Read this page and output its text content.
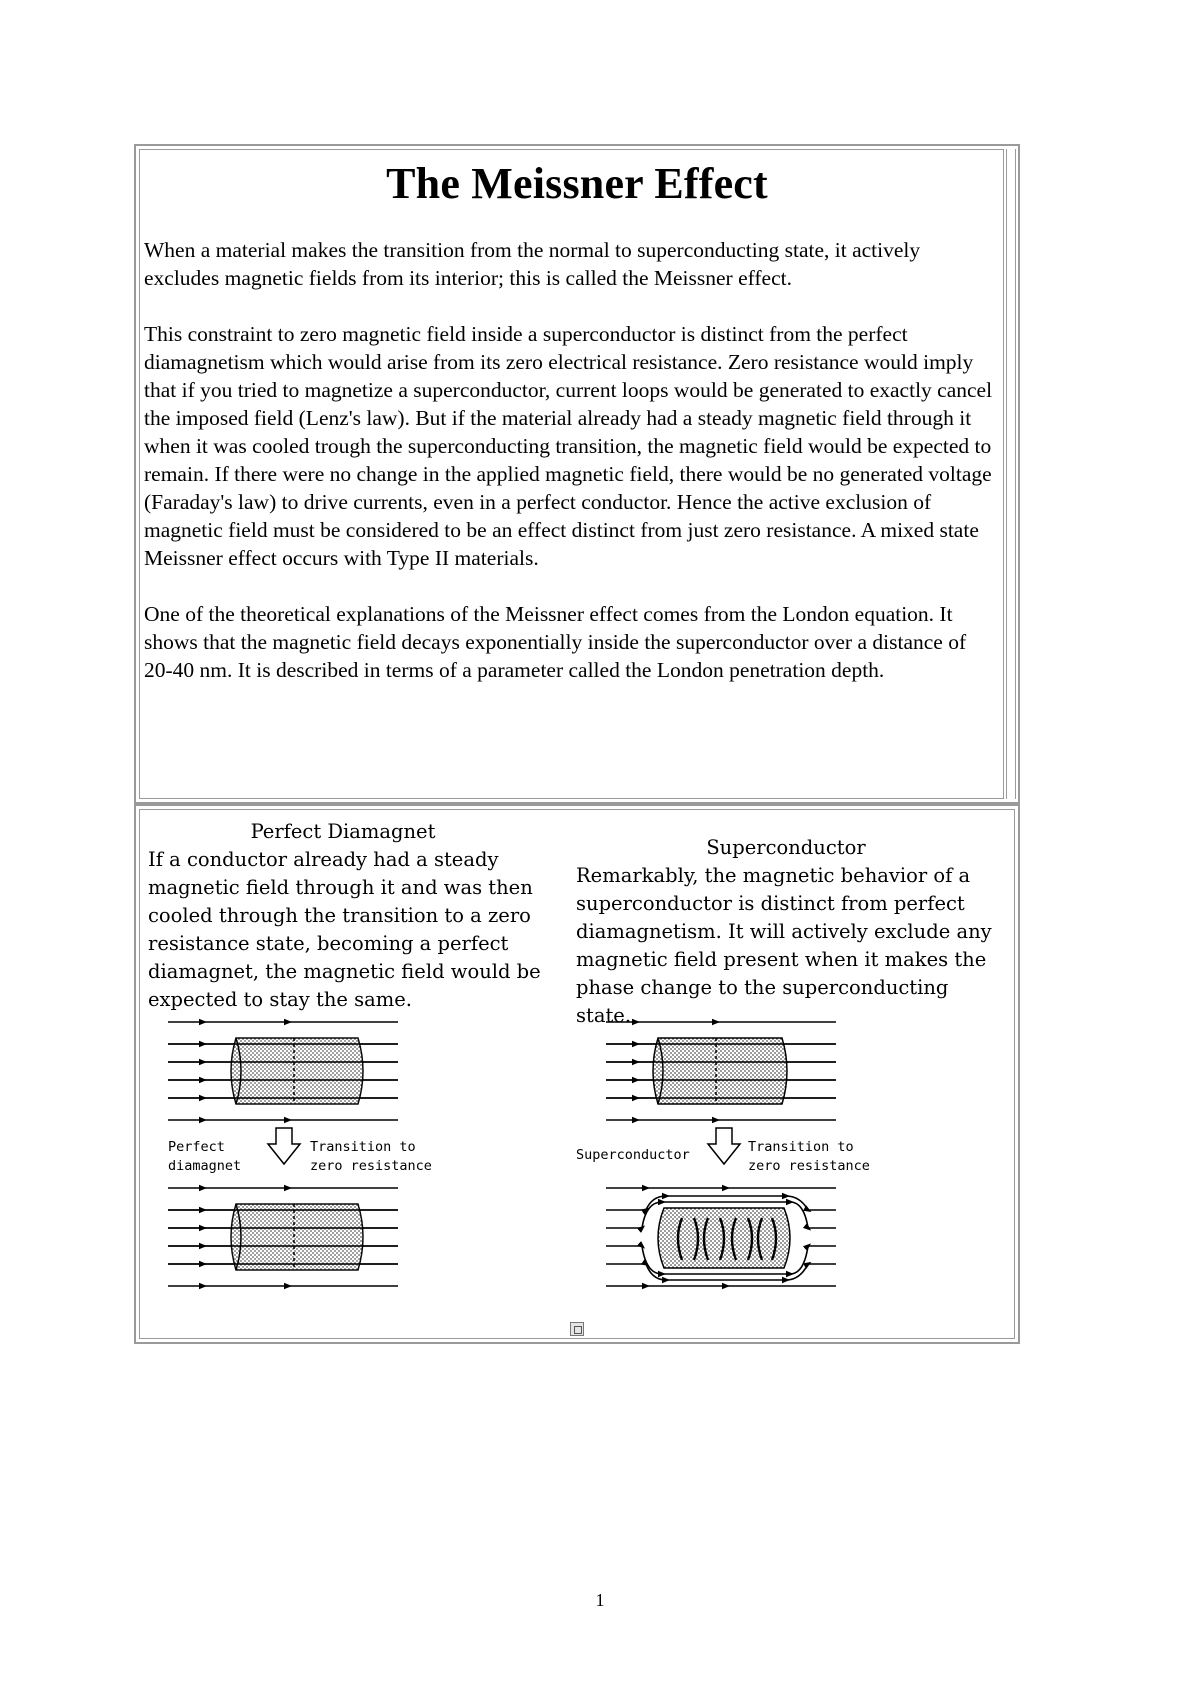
The Meissner Effect

When a material makes the transition from the normal to superconducting state, it actively excludes magnetic fields from its interior; this is called the Meissner effect.

This constraint to zero magnetic field inside a superconductor is distinct from the perfect diamagnetism which would arise from its zero electrical resistance. Zero resistance would imply that if you tried to magnetize a superconductor, current loops would be generated to exactly cancel the imposed field (Lenz's law). But if the material already had a steady magnetic field through it when it was cooled trough the superconducting transition, the magnetic field would be expected to remain. If there were no change in the applied magnetic field, there would be no generated voltage (Faraday's law) to drive currents, even in a perfect conductor. Hence the active exclusion of magnetic field must be considered to be an effect distinct from just zero resistance. A mixed state Meissner effect occurs with Type II materials.

One of the theoretical explanations of the Meissner effect comes from the London equation. It shows that the magnetic field decays exponentially inside the superconductor over a distance of 20-40 nm. It is described in terms of a parameter called the London penetration depth.

Perfect Diamagnet
If a conductor already had a steady magnetic field through it and was then cooled through the transition to a zero resistance state, becoming a perfect diamagnet, the magnetic field would be expected to stay the same.
Superconductor
Remarkably, the magnetic behavior of a superconductor is distinct from perfect diamagnetism. It will actively exclude any magnetic field present when it makes the phase change to the superconducting state.
Perfect
diamagnet
Transition to
zero resistance
Superconductor	Transition to
zero resistance
1
